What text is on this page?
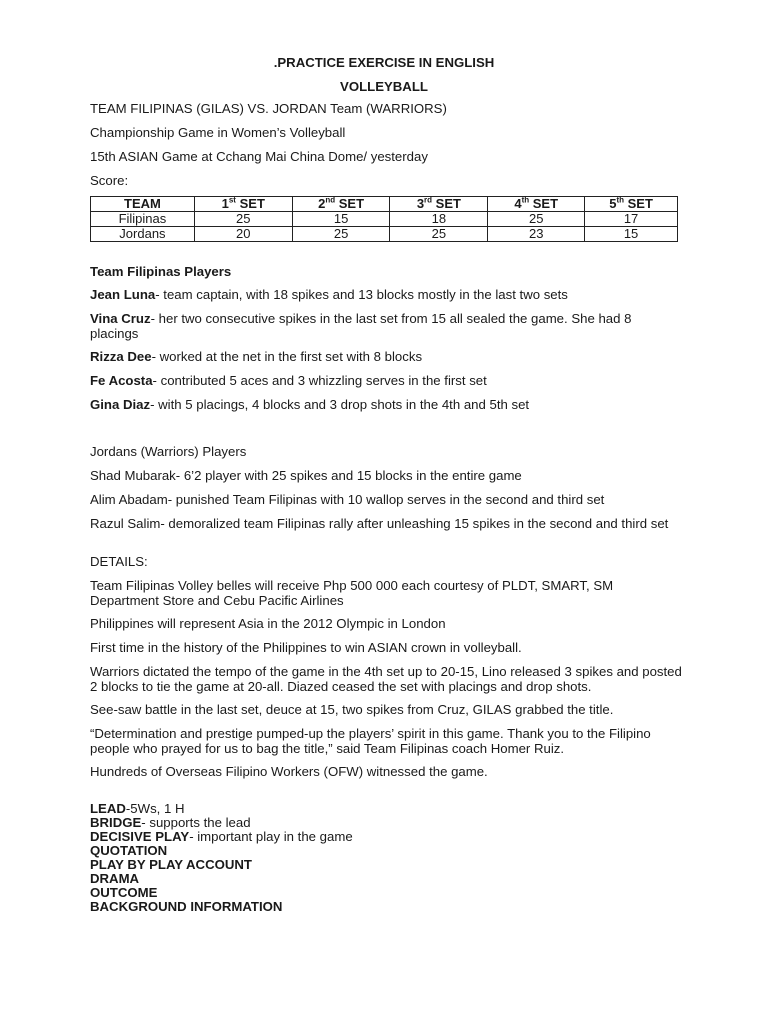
.PRACTICE EXERCISE IN ENGLISH
VOLLEYBALL
TEAM FILIPINAS (GILAS) VS. JORDAN Team (WARRIORS)
Championship Game in Women’s Volleyball
15th ASIAN Game at Cchang Mai China Dome/ yesterday
Score:
TEAM	1st SET	2nd SET	3rd SET	4th SET	5th SET
Filipinas	25	15	18	25	17
Jordans	20	25	25	23	15
Team Filipinas Players
Jean Luna- team captain, with 18 spikes and 13 blocks mostly in the last two sets
Vina Cruz- her two consecutive spikes in the last set from 15 all sealed the game. She had 8 placings
Rizza Dee- worked at the net in the first set with 8 blocks
Fe Acosta- contributed 5 aces and 3 whizzling serves in the first set
Gina Diaz- with 5 placings, 4 blocks and 3 drop shots in the 4th and 5th set
Jordans (Warriors) Players
Shad Mubarak- 6’2 player with 25 spikes and 15 blocks in the entire game
Alim Abadam- punished Team Filipinas with 10 wallop serves in the second and third set
Razul Salim- demoralized team Filipinas rally after unleashing 15 spikes in the second and third set
DETAILS:
Team Filipinas Volley belles will receive Php 500 000 each courtesy of PLDT, SMART, SM Department Store and Cebu Pacific Airlines
Philippines will represent Asia in the 2012 Olympic in London
First time in the history of the Philippines to win ASIAN crown in volleyball.
Warriors dictated the tempo of the game in the 4th set up to 20-15, Lino released 3 spikes and posted 2 blocks to tie the game at 20-all. Diazed ceased the set with placings and drop shots.
See-saw battle in the last set, deuce at 15, two spikes from Cruz, GILAS grabbed the title.
“Determination and prestige pumped-up the players’ spirit in this game. Thank you to the Filipino people who prayed for us to bag the title,” said Team Filipinas coach Homer Ruiz.
Hundreds of Overseas Filipino Workers (OFW) witnessed the game.
LEAD-5Ws, 1 H
BRIDGE- supports the lead
DECISIVE PLAY- important play in the game
QUOTATION
PLAY BY PLAY ACCOUNT
DRAMA
OUTCOME
BACKGROUND INFORMATION
